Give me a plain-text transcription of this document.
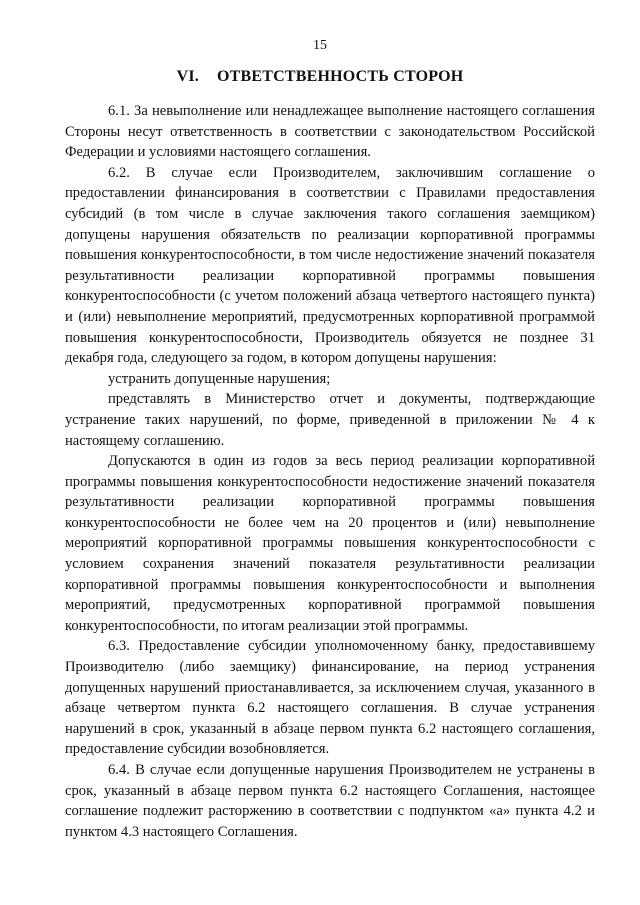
15
VI. ОТВЕТСТВЕННОСТЬ СТОРОН

6.1. За невыполнение или ненадлежащее выполнение настоящего соглашения Стороны несут ответственность в соответствии с законодательством Российской Федерации и условиями настоящего соглашения.

6.2. В случае если Производителем, заключившим соглашение о предоставлении финансирования в соответствии с Правилами предоставления субсидий (в том числе в случае заключения такого соглашения заемщиком) допущены нарушения обязательств по реализации корпоративной программы повышения конкурентоспособности, в том числе недостижение значений показателя результативности реализации корпоративной программы повышения конкурентоспособности (с учетом положений абзаца четвертого настоящего пункта) и (или) невыполнение мероприятий, предусмотренных корпоративной программой повышения конкурентоспособности, Производитель обязуется не позднее 31 декабря года, следующего за годом, в котором допущены нарушения:

устранить допущенные нарушения;

представлять в Министерство отчет и документы, подтверждающие устранение таких нарушений, по форме, приведенной в приложении № 4 к настоящему соглашению.

Допускаются в один из годов за весь период реализации корпоративной программы повышения конкурентоспособности недостижение значений показателя результативности реализации корпоративной программы повышения конкурентоспособности не более чем на 20 процентов и (или) невыполнение мероприятий корпоративной программы повышения конкурентоспособности с условием сохранения значений показателя результативности реализации корпоративной программы повышения конкурентоспособности и выполнения мероприятий, предусмотренных корпоративной программой повышения конкурентоспособности, по итогам реализации этой программы.

6.3. Предоставление субсидии уполномоченному банку, предоставившему Производителю (либо заемщику) финансирование, на период устранения допущенных нарушений приостанавливается, за исключением случая, указанного в абзаце четвертом пункта 6.2 настоящего соглашения. В случае устранения нарушений в срок, указанный в абзаце первом пункта 6.2 настоящего соглашения, предоставление субсидии возобновляется.

6.4. В случае если допущенные нарушения Производителем не устранены в срок, указанный в абзаце первом пункта 6.2 настоящего Соглашения, настоящее соглашение подлежит расторжению в соответствии с подпунктом «а» пункта 4.2 и пунктом 4.3 настоящего Соглашения.
